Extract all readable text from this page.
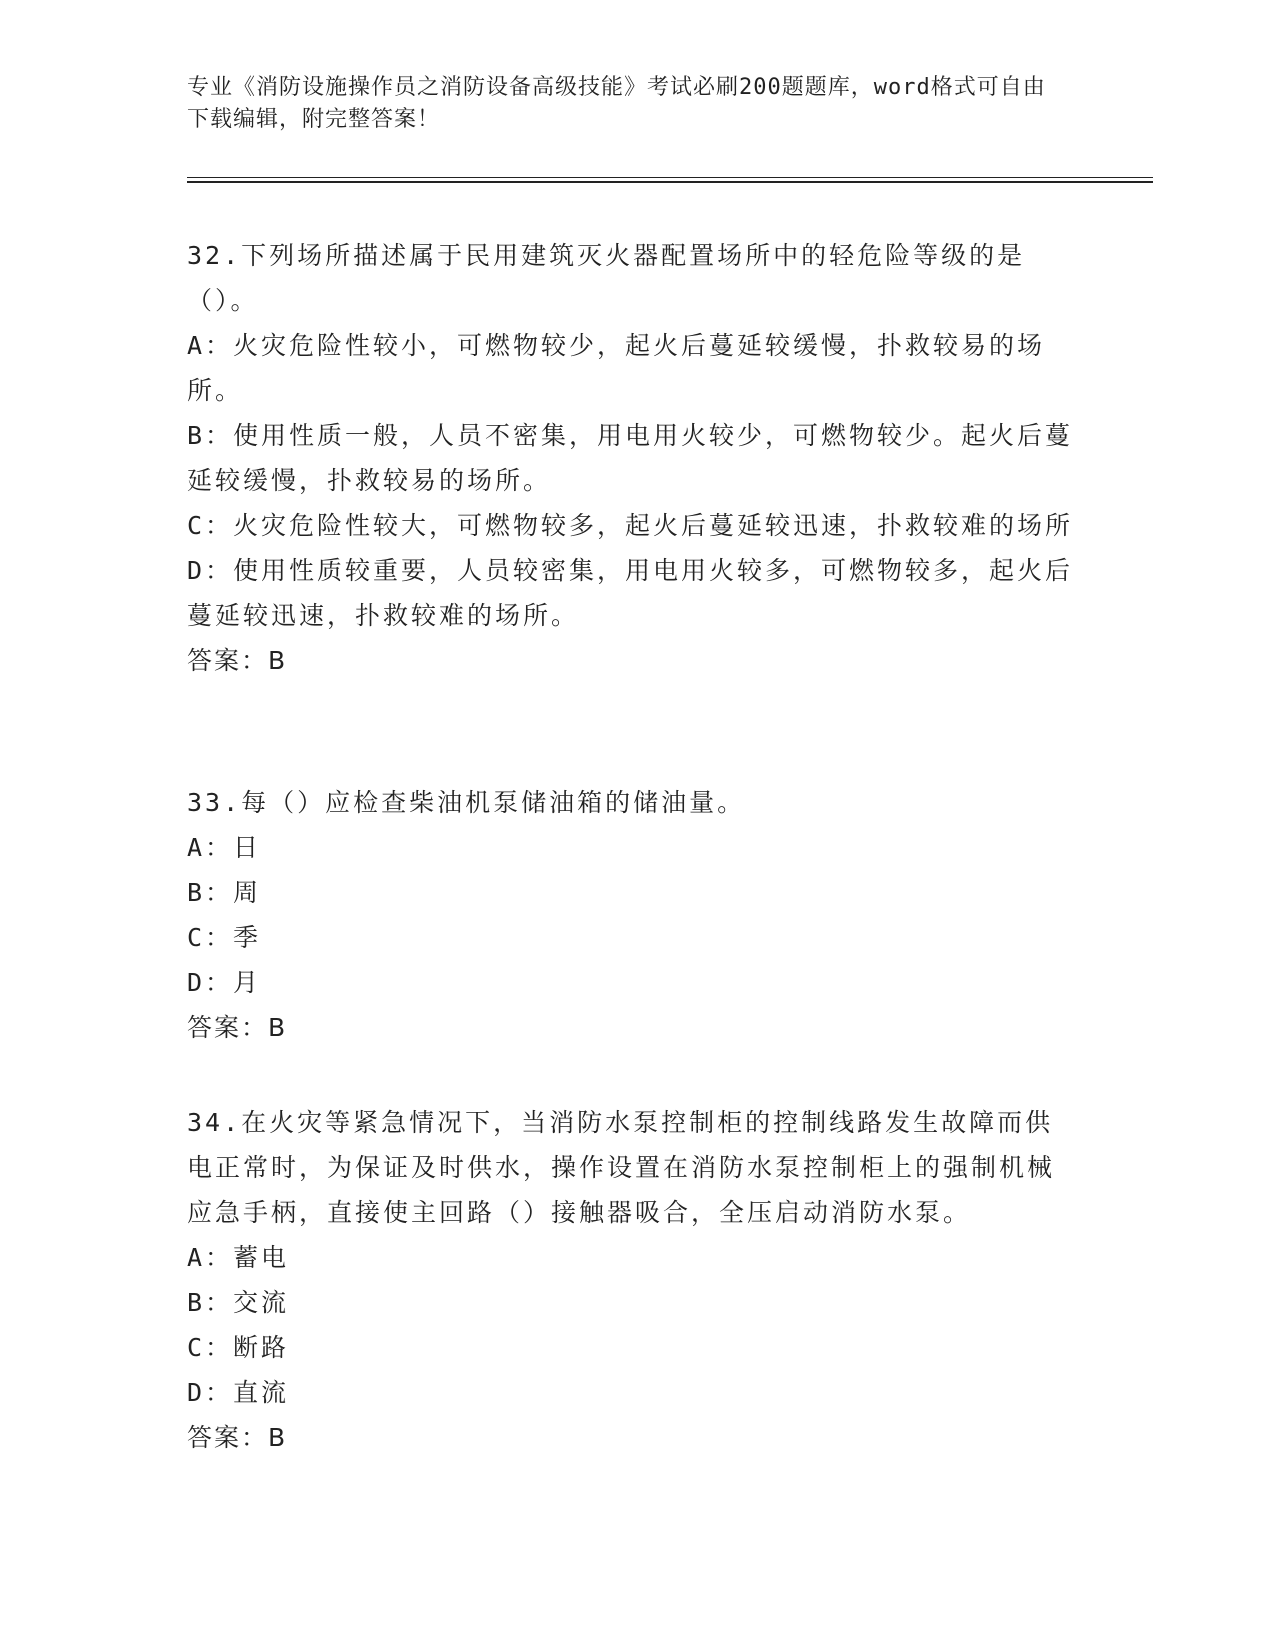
专业《消防设施操作员之消防设备高级技能》考试必刷200题题库，word格式可自由下载编辑，附完整答案！

32.下列场所描述属于民用建筑灭火器配置场所中的轻危险等级的是（）。

A：火灾危险性较小，可燃物较少，起火后蔓延较缓慢，扑救较易的场所。

B：使用性质一般，人员不密集，用电用火较少，可燃物较少。起火后蔓延较缓慢，扑救较易的场所。

C：火灾危险性较大，可燃物较多，起火后蔓延较迅速，扑救较难的场所

D：使用性质较重要，人员较密集，用电用火较多，可燃物较多，起火后蔓延较迅速，扑救较难的场所。

答案：B

33.每（）应检查柴油机泵储油箱的储油量。

A：日

B：周

C：季

D：月

答案：B

34.在火灾等紧急情况下，当消防水泵控制柜的控制线路发生故障而供电正常时，为保证及时供水，操作设置在消防水泵控制柜上的强制机械应急手柄，直接使主回路（）接触器吸合，全压启动消防水泵。

A：蓄电

B：交流

C：断路

D：直流

答案：B
